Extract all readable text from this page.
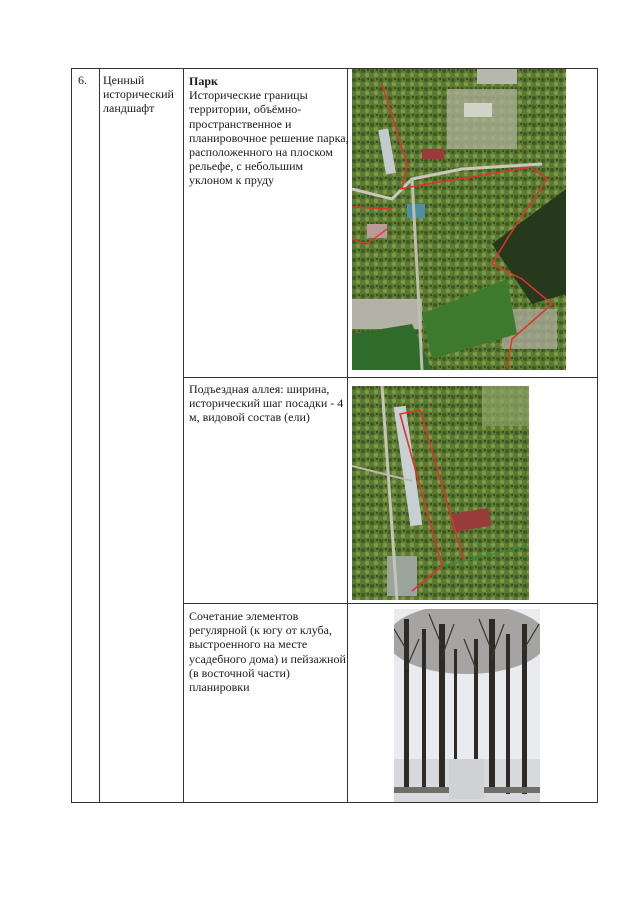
6. Ценный исторический ландшафт
Парк
Исторические границы территории, объёмно-пространственное и планировочное решение парка, расположенного на плоском рельефе, с небольшим уклоном к пруду
Подъездная аллея: ширина, исторический шаг посадки - 4 м, видовой состав (ели)
Сочетание элементов регулярной (к югу от клуба, выстроенного на месте усадебного дома) и пейзажной (в восточной части) планировки
2
